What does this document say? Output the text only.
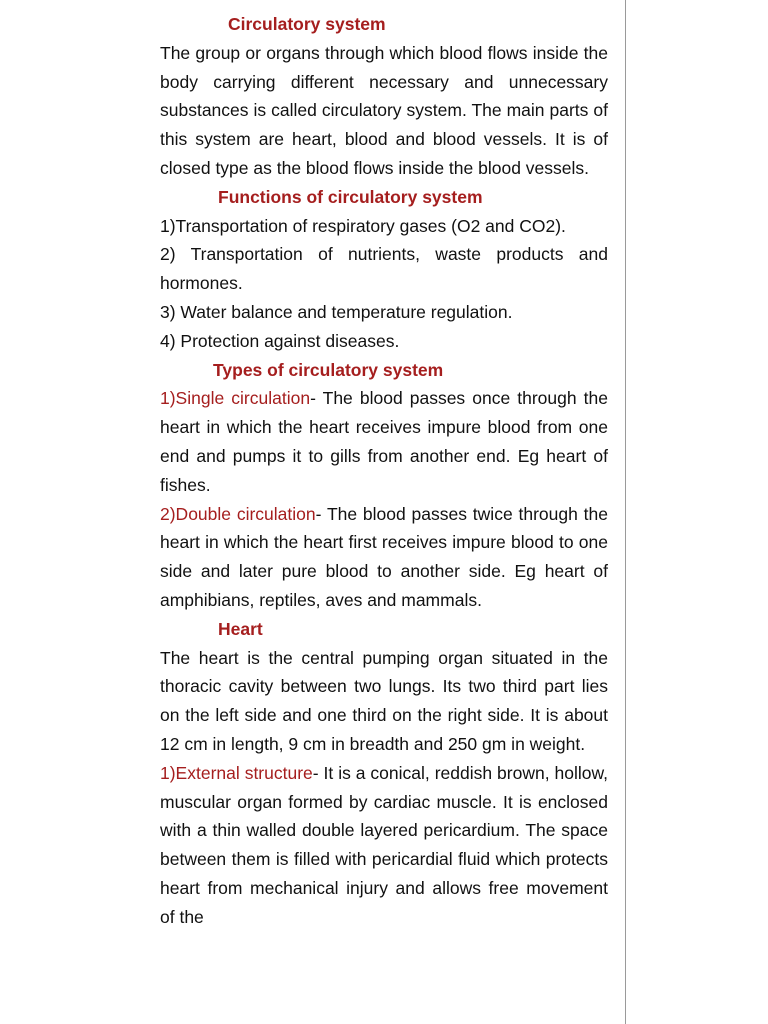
Circulatory system

The group or organs through which blood flows inside the body carrying different necessary and unnecessary substances is called circulatory system. The main parts of this system are heart, blood and blood vessels. It is of closed type as the blood flows inside the blood vessels.

Functions of circulatory system

1)Transportation of respiratory gases (O2 and CO2).

2) Transportation of nutrients, waste products and hormones.

3) Water balance and temperature regulation.

4) Protection against diseases.

Types of circulatory system

1)Single circulation- The blood passes once through the heart in which the heart receives impure blood from one end and pumps it to gills from another end. Eg heart of fishes.

2)Double circulation- The blood passes twice through the heart in which the heart first receives impure blood to one side and later pure blood to another side. Eg heart of amphibians, reptiles, aves and mammals.

Heart

The heart is the central pumping organ situated in the thoracic cavity between two lungs. Its two third part lies on the left side and one third on the right side. It is about 12 cm in length, 9 cm in breadth and 250 gm in weight.

1)External structure- It is a conical, reddish brown, hollow, muscular organ formed by cardiac muscle. It is enclosed with a thin walled double layered pericardium. The space between them is filled with pericardial fluid which protects heart from mechanical injury and allows free movement of the
